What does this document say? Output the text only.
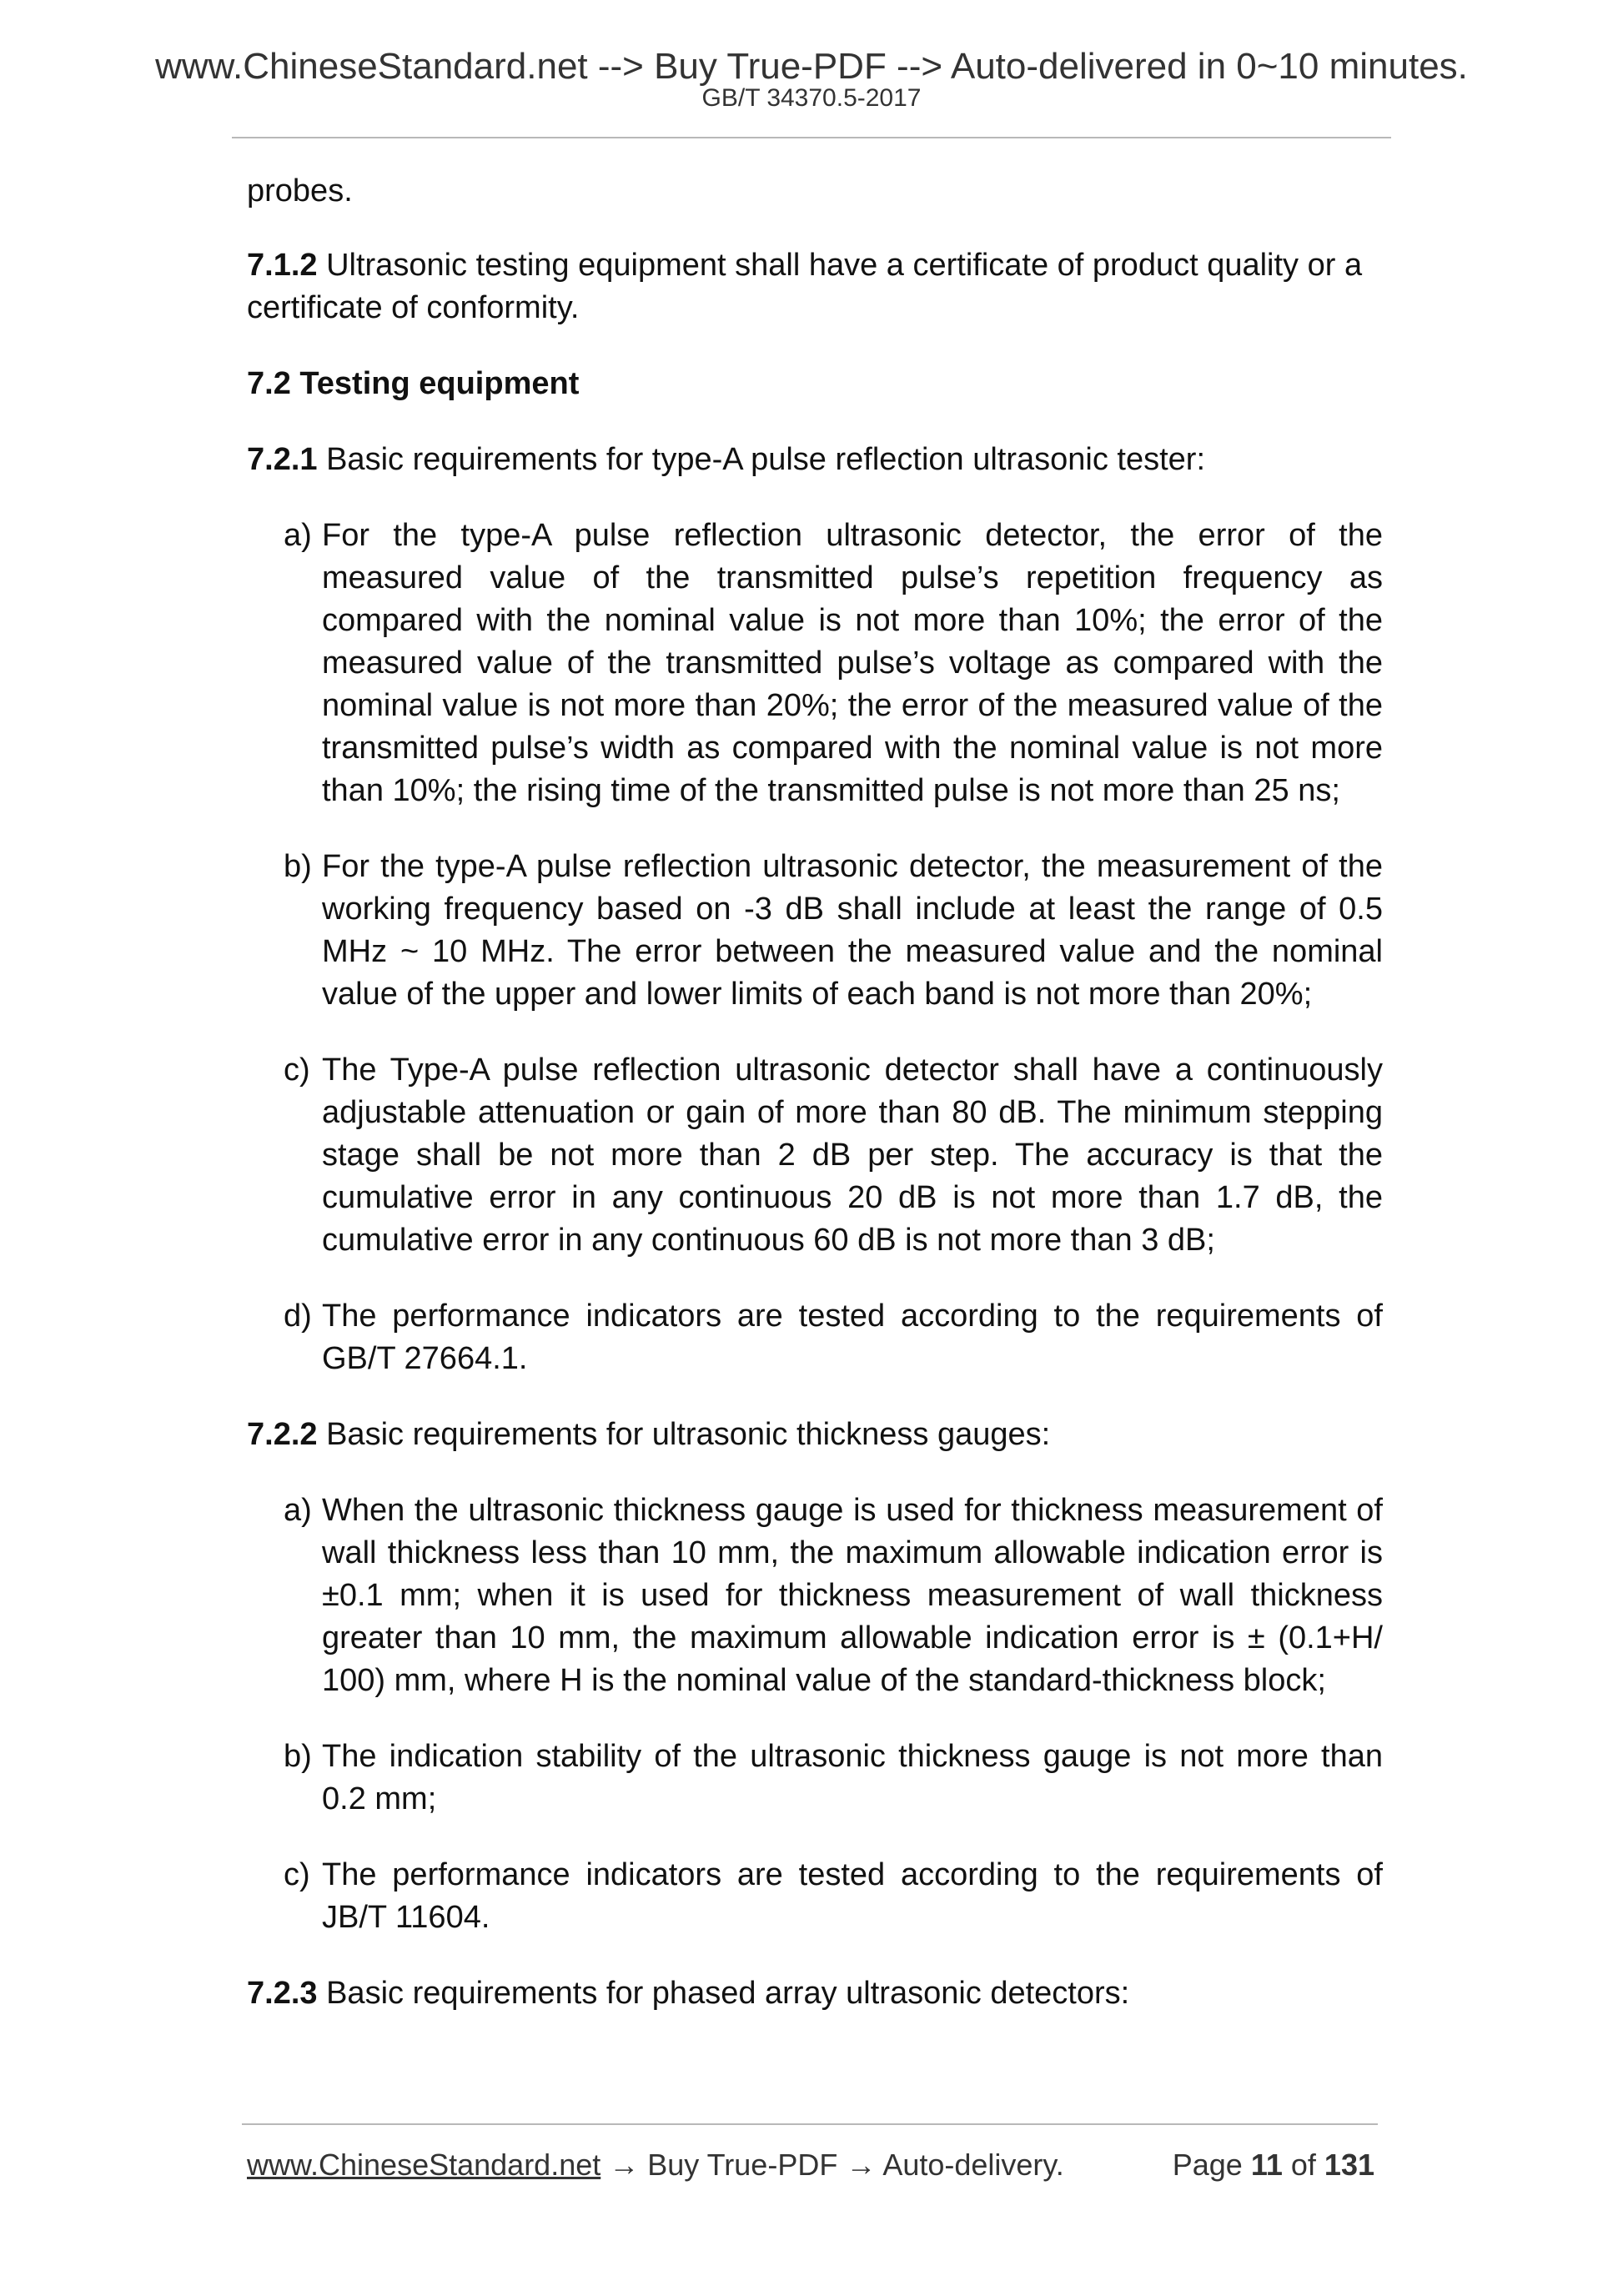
www.ChineseStandard.net --> Buy True-PDF --> Auto-delivered in 0~10 minutes.
GB/T 34370.5-2017

probes.

7.1.2 Ultrasonic testing equipment shall have a certificate of product quality or a certificate of conformity.

7.2 Testing equipment

7.2.1 Basic requirements for type-A pulse reflection ultrasonic tester:

a) For the type-A pulse reflection ultrasonic detector, the error of the measured value of the transmitted pulse’s repetition frequency as compared with the nominal value is not more than 10%; the error of the measured value of the transmitted pulse’s voltage as compared with the nominal value is not more than 20%; the error of the measured value of the transmitted pulse’s width as compared with the nominal value is not more than 10%; the rising time of the transmitted pulse is not more than 25 ns;
b) For the type-A pulse reflection ultrasonic detector, the measurement of the working frequency based on -3 dB shall include at least the range of 0.5 MHz ~ 10 MHz. The error between the measured value and the nominal value of the upper and lower limits of each band is not more than 20%;
c) The Type-A pulse reflection ultrasonic detector shall have a continuously adjustable attenuation or gain of more than 80 dB. The minimum stepping stage shall be not more than 2 dB per step. The accuracy is that the cumulative error in any continuous 20 dB is not more than 1.7 dB, the cumulative error in any continuous 60 dB is not more than 3 dB;
d) The performance indicators are tested according to the requirements of GB/T 27664.1.

7.2.2 Basic requirements for ultrasonic thickness gauges:

a) When the ultrasonic thickness gauge is used for thickness measurement of wall thickness less than 10 mm, the maximum allowable indication error is ±0.1 mm; when it is used for thickness measurement of wall thickness greater than 10 mm, the maximum allowable indication error is ± (0.1+H/ 100) mm, where H is the nominal value of the standard-thickness block;
b) The indication stability of the ultrasonic thickness gauge is not more than 0.2 mm;
c) The performance indicators are tested according to the requirements of JB/T 11604.

7.2.3 Basic requirements for phased array ultrasonic detectors:

www.ChineseStandard.net → Buy True-PDF → Auto-delivery.	Page 11 of 131
